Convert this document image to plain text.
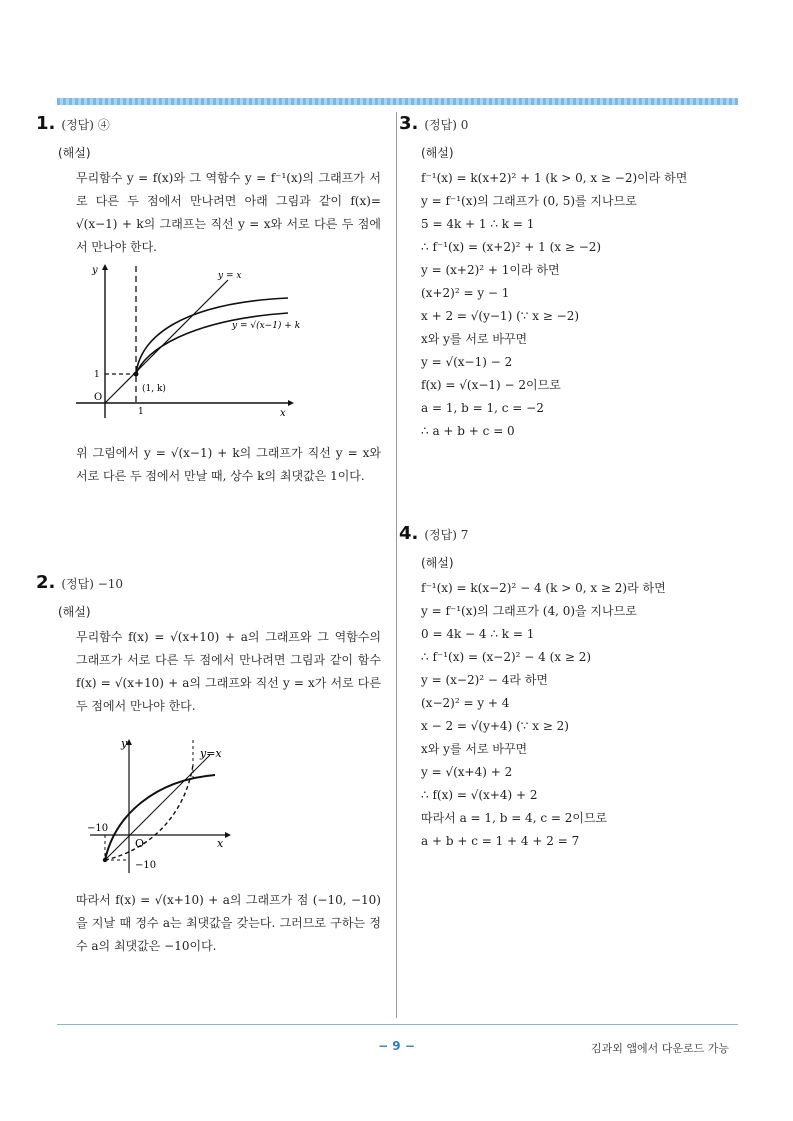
1. (정답) ④
(해설)
무리함수 y = f(x)와 그 역함수 y = f⁻¹(x)의 그래프가 서로 다른 두 점에서 만나려면 아래 그림과 같이 f(x)= √(x−1) + k의 그래프는 직선 y = x와 서로 다른 두 점에서 만나야 한다.
y
x
O
y = x
y = √(x−1) + k
1
1
(1, k)
위 그림에서 y = √(x−1) + k의 그래프가 직선 y = x와 서로 다른 두 점에서 만날 때, 상수 k의 최댓값은 1이다.
2. (정답) −10
(해설)
무리함수 f(x) = √(x+10) + a의 그래프와 그 역함수의 그래프가 서로 다른 두 점에서 만나려면 그림과 같이 함수 f(x) = √(x+10) + a의 그래프와 직선 y = x가 서로 다른 두 점에서 만나야 한다.
y
x
O
y=x
−10
−10
따라서 f(x) = √(x+10) + a의 그래프가 점 (−10, −10)을 지날 때 정수 a는 최댓값을 갖는다. 그러므로 구하는 정수 a의 최댓값은 −10이다.
3. (정답) 0
(해설)
f⁻¹(x) = k(x+2)² + 1 (k > 0, x ≥ −2)이라 하면
y = f⁻¹(x)의 그래프가 (0, 5)를 지나므로
5 = 4k + 1 ∴ k = 1
∴ f⁻¹(x) = (x+2)² + 1 (x ≥ −2)
y = (x+2)² + 1이라 하면
(x+2)² = y − 1
x + 2 = √(y−1) (∵ x ≥ −2)
x와 y를 서로 바꾸면
y = √(x−1) − 2
f(x) = √(x−1) − 2이므로
a = 1, b = 1, c = −2
∴ a + b + c = 0
4. (정답) 7
(해설)
f⁻¹(x) = k(x−2)² − 4 (k > 0, x ≥ 2)라 하면
y = f⁻¹(x)의 그래프가 (4, 0)을 지나므로
0 = 4k − 4 ∴ k = 1
∴ f⁻¹(x) = (x−2)² − 4 (x ≥ 2)
y = (x−2)² − 4라 하면
(x−2)² = y + 4
x − 2 = √(y+4) (∵ x ≥ 2)
x와 y를 서로 바꾸면
y = √(x+4) + 2
∴ f(x) = √(x+4) + 2
따라서 a = 1, b = 4, c = 2이므로
a + b + c = 1 + 4 + 2 = 7
− 9 −	김과외 앱에서 다운로드 가능
